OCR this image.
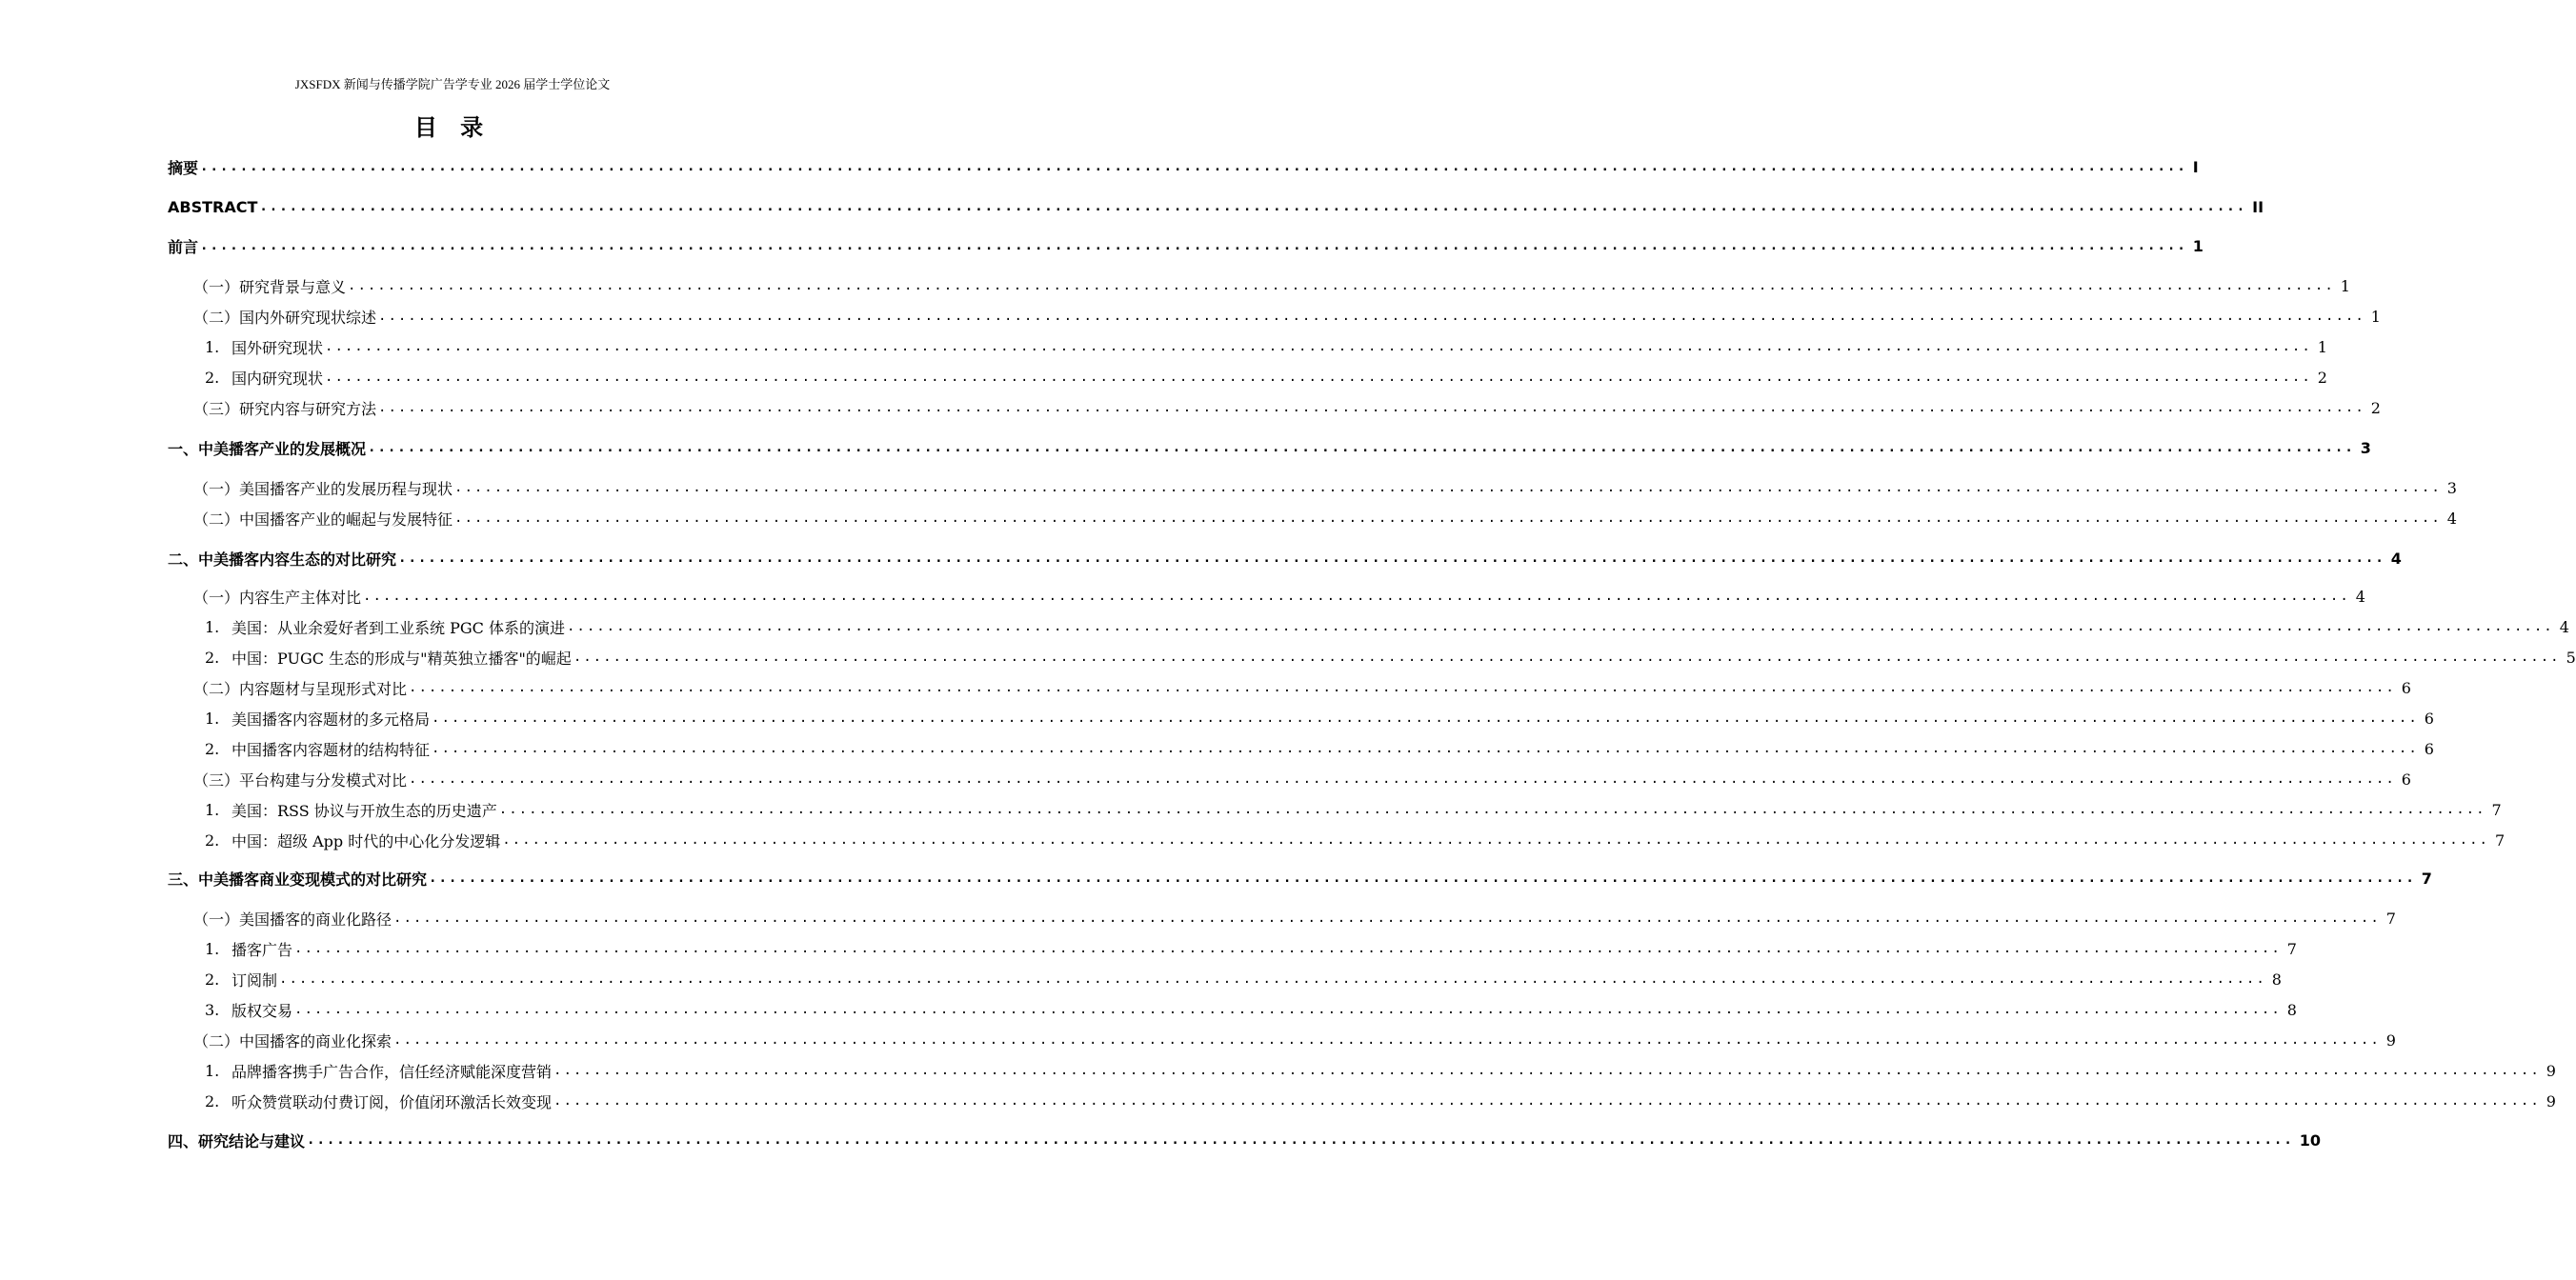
JXSFDX 新闻与传播学院广告学专业 2026 届学士学位论文
目 录
摘要 ........................................................................................................................................................................................................ I
ABSTRACT ........................................................................................................................................................................................................ II
前言 ........................................................................................................................................................................................................ 1
（一）研究背景与意义 ........................................................................................................................................................................................................ 1
（二）国内外研究现状综述 ........................................................................................................................................................................................................ 1
1. 国外研究现状 ........................................................................................................................................................................................................ 1
2. 国内研究现状 ........................................................................................................................................................................................................ 2
（三）研究内容与研究方法 ........................................................................................................................................................................................................ 2
一、中美播客产业的发展概况 ........................................................................................................................................................................................................ 3
（一）美国播客产业的发展历程与现状 ........................................................................................................................................................................................................ 3
（二）中国播客产业的崛起与发展特征 ........................................................................................................................................................................................................ 4
二、中美播客内容生态的对比研究 ........................................................................................................................................................................................................ 4
（一）内容生产主体对比 ........................................................................................................................................................................................................ 4
1. 美国：从业余爱好者到工业系统 PGC 体系的演进 ........................................................................................................................................................................................................ 4
2. 中国：PUGC 生态的形成与"精英独立播客"的崛起 ........................................................................................................................................................................................................ 5
（二）内容题材与呈现形式对比 ........................................................................................................................................................................................................ 6
1. 美国播客内容题材的多元格局 ........................................................................................................................................................................................................ 6
2. 中国播客内容题材的结构特征 ........................................................................................................................................................................................................ 6
（三）平台构建与分发模式对比 ........................................................................................................................................................................................................ 6
1. 美国：RSS 协议与开放生态的历史遗产 ........................................................................................................................................................................................................ 7
2. 中国：超级 App 时代的中心化分发逻辑 ........................................................................................................................................................................................................ 7
三、中美播客商业变现模式的对比研究 ........................................................................................................................................................................................................ 7
（一）美国播客的商业化路径 ........................................................................................................................................................................................................ 7
1. 播客广告 ........................................................................................................................................................................................................ 7
2. 订阅制 ........................................................................................................................................................................................................ 8
3. 版权交易 ........................................................................................................................................................................................................ 8
（二）中国播客的商业化探索 ........................................................................................................................................................................................................ 9
1. 品牌播客携手广告合作，信任经济赋能深度营销 ........................................................................................................................................................................................................ 9
2. 听众赞赏联动付费订阅，价值闭环激活长效变现 ........................................................................................................................................................................................................ 9
四、研究结论与建议 ........................................................................................................................................................................................................ 10
